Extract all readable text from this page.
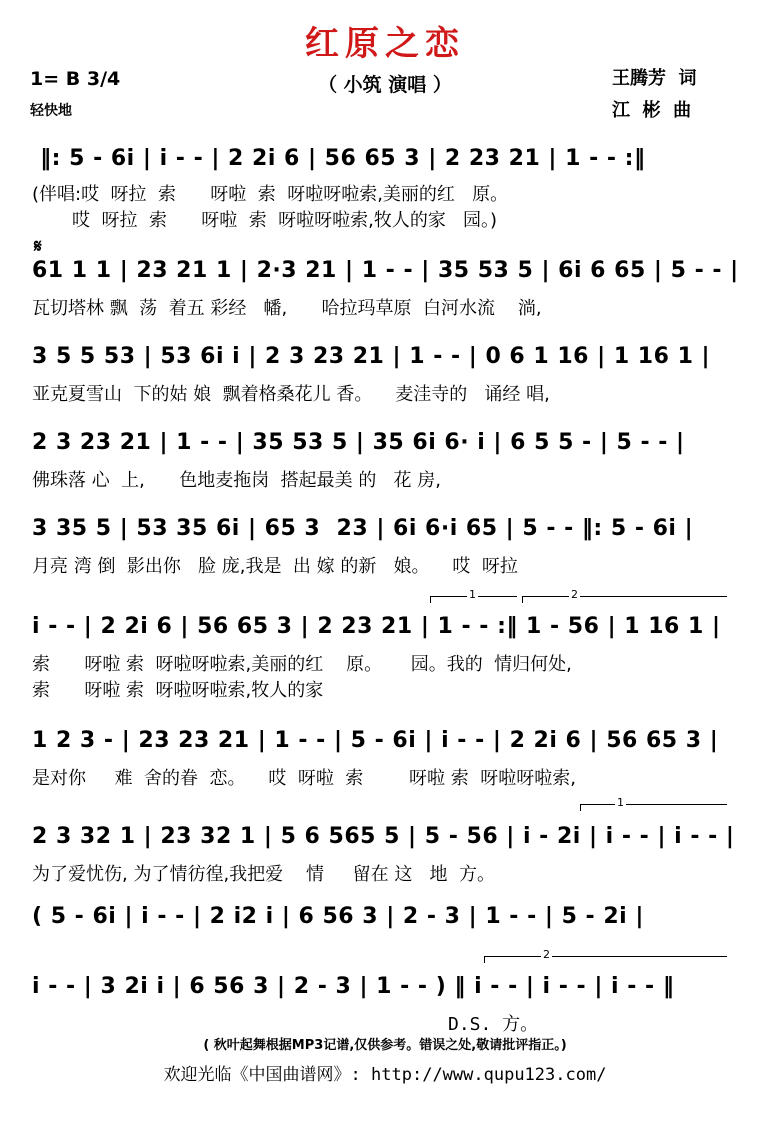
红原之恋
（ 小筑 演唱 ）
1= B 3/4
轻快地
王腾芳  词
江  彬  曲
𝄋
‖: 5 - 6i | i - - | 2 2i 6 | 56 65 3 | 2 23 21 | 1 - - :‖
(伴唱:哎  呀拉  索      呀啦  索  呀啦呀啦索,美丽的红   原。
哎  呀拉  索      呀啦  索  呀啦呀啦索,牧人的家   园。)
61 1 1 | 23 21 1 | 2·3 21 | 1 - - | 35 53 5 | 6i 6 65 | 5 - - |
瓦切塔林 飘  荡  着五 彩经   幡,      哈拉玛草原  白河水流    淌,
3 5 5 53 | 53 6i i | 2 3 23 21 | 1 - - | 0 6 1 16 | 1 16 1 |
亚克夏雪山  下的姑 娘  飘着格桑花儿 香。    麦洼寺的   诵经 唱,
2 3 23 21 | 1 - - | 35 53 5 | 35 6i 6· i | 6 5 5 - | 5 - - |
佛珠落 心  上,      色地麦拖岗  搭起最美 的   花 房,
3 35 5 | 53 35 6i | 65 3  23 | 6i 6·i 65 | 5 - - ‖: 5 - 6i |
月亮 湾 倒  影出你   脸 庞,我是  出 嫁 的新   娘。    哎  呀拉
1	2
i - - | 2 2i 6 | 56 65 3 | 2 23 21 | 1 - - :‖ 1 - 56 | 1 16 1 |
索      呀啦 索  呀啦呀啦索,美丽的红    原。     园。我的  情归何处,
索      呀啦 索  呀啦呀啦索,牧人的家
1 2 3 - | 23 23 21 | 1 - - | 5 - 6i | i - - | 2 2i 6 | 56 65 3 |
是对你     难  舍的眷  恋。    哎  呀啦  索        呀啦 索  呀啦呀啦索,
1
2 3 32 1 | 23 32 1 | 5 6 565 5 | 5 - 56 | i - 2i | i - - | i - - |
为了爱忧伤, 为了情彷徨,我把爱    情     留在 这   地  方。
( 5 - 6i | i - - | 2 i2 i | 6 56 3 | 2 - 3 | 1 - - | 5 - 2i |
2
i - - | 3 2i i | 6 56 3 | 2 - 3 | 1 - - ) ‖ i - - | i - - | i - - ‖
D.S. 方。
( 秋叶起舞根据MP3记谱,仅供参考。错误之处,敬请批评指正。)
欢迎光临《中国曲谱网》: http://www.qupu123.com/
